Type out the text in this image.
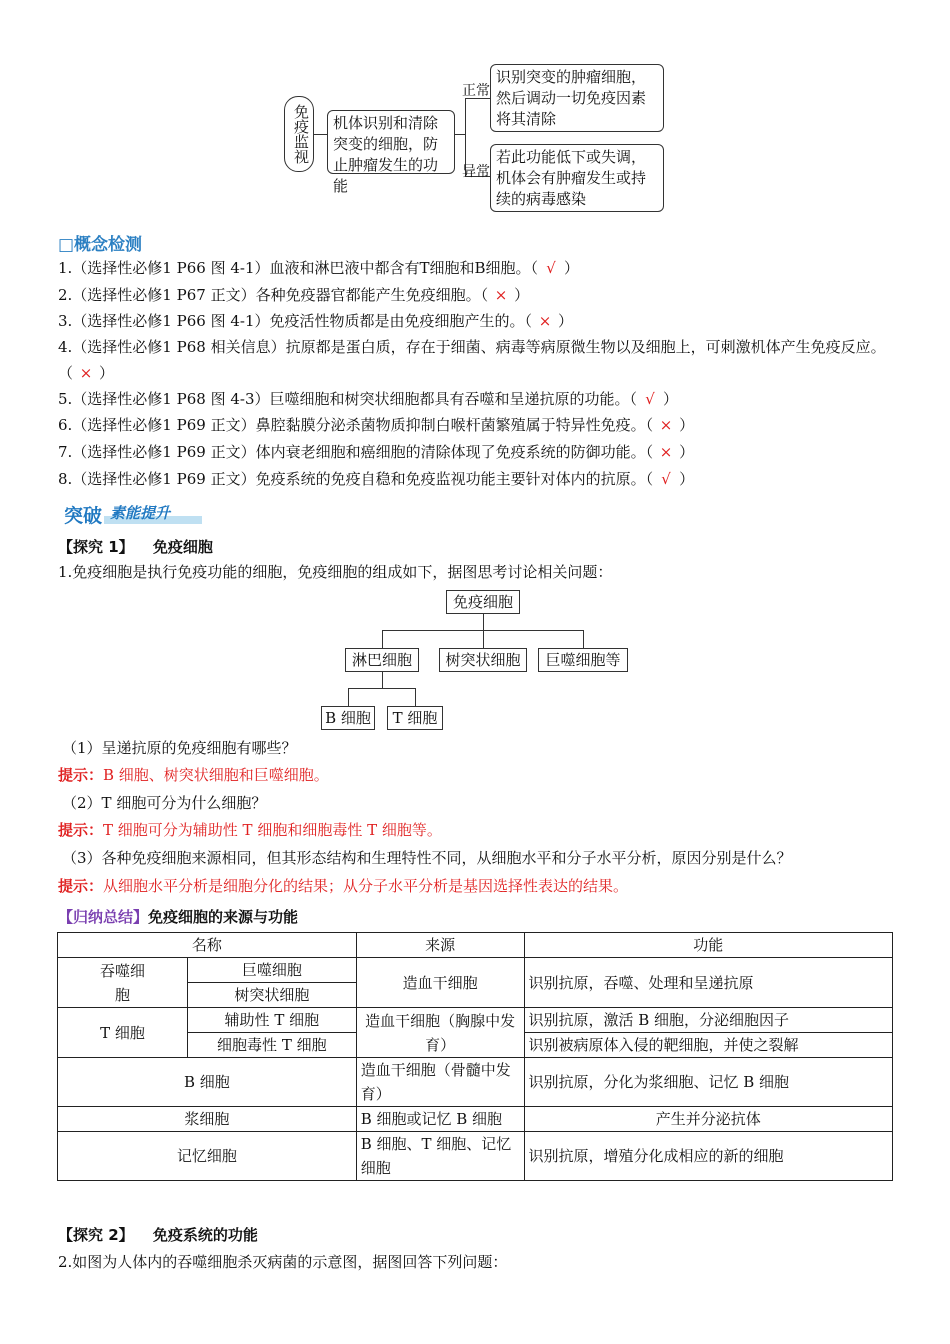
免疫监视	机体识别和清除突变的细胞，防止肿瘤发生的功能
正常
异常
识别突变的肿瘤细胞，然后调动一切免疫因素将其清除
若此功能低下或失调，机体会有肿瘤发生或持续的病毒感染
□概念检测
1.（选择性必修1 P66 图 4-1）血液和淋巴液中都含有T细胞和B细胞。（ √ ）
2.（选择性必修1 P67 正文）各种免疫器官都能产生免疫细胞。（ × ）
3.（选择性必修1 P66 图 4-1）免疫活性物质都是由免疫细胞产生的。（ × ）
4.（选择性必修1 P68 相关信息）抗原都是蛋白质，存在于细菌、病毒等病原微生物以及细胞上，可刺激机体产生免疫反应。（ × ）
5.（选择性必修1 P68 图 4-3）巨噬细胞和树突状细胞都具有吞噬和呈递抗原的功能。（ √ ）
6.（选择性必修1 P69 正文）鼻腔黏膜分泌杀菌物质抑制白喉杆菌繁殖属于特异性免疫。（ × ）
7.（选择性必修1 P69 正文）体内衰老细胞和癌细胞的清除体现了免疫系统的防御功能。（ × ）
8.（选择性必修1 P69 正文）免疫系统的免疫自稳和免疫监视功能主要针对体内的抗原。（ √ ）
突破 素能提升
【探究 1】 免疫细胞
1.免疫细胞是执行免疫功能的细胞，免疫细胞的组成如下，据图思考讨论相关问题：
免疫细胞
淋巴细胞	树突状细胞	巨噬细胞等
B 细胞	T 细胞
（1）呈递抗原的免疫细胞有哪些？
提示：B 细胞、树突状细胞和巨噬细胞。
（2）T 细胞可分为什么细胞？
提示：T 细胞可分为辅助性 T 细胞和细胞毒性 T 细胞等。
（3）各种免疫细胞来源相同，但其形态结构和生理特性不同，从细胞水平和分子水平分析，原因分别是什么？
提示：从细胞水平分析是细胞分化的结果；从分子水平分析是基因选择性表达的结果。
【归纳总结】免疫细胞的来源与功能
名称		来源	功能
吞噬细胞	巨噬细胞	造血干细胞	识别抗原，吞噬、处理和呈递抗原
	树突状细胞		
T 细胞	辅助性 T 细胞	造血干细胞（胸腺中发育）	识别抗原，激活 B 细胞，分泌细胞因子
	细胞毒性 T 细胞		识别被病原体入侵的靶细胞，并使之裂解
B 细胞		造血干细胞（骨髓中发育）	识别抗原，分化为浆细胞、记忆 B 细胞
浆细胞		B 细胞或记忆 B 细胞	产生并分泌抗体
记忆细胞		B 细胞、T 细胞、记忆细胞	识别抗原，增殖分化成相应的新的细胞
【探究 2】 免疫系统的功能
2.如图为人体内的吞噬细胞杀灭病菌的示意图，据图回答下列问题：
